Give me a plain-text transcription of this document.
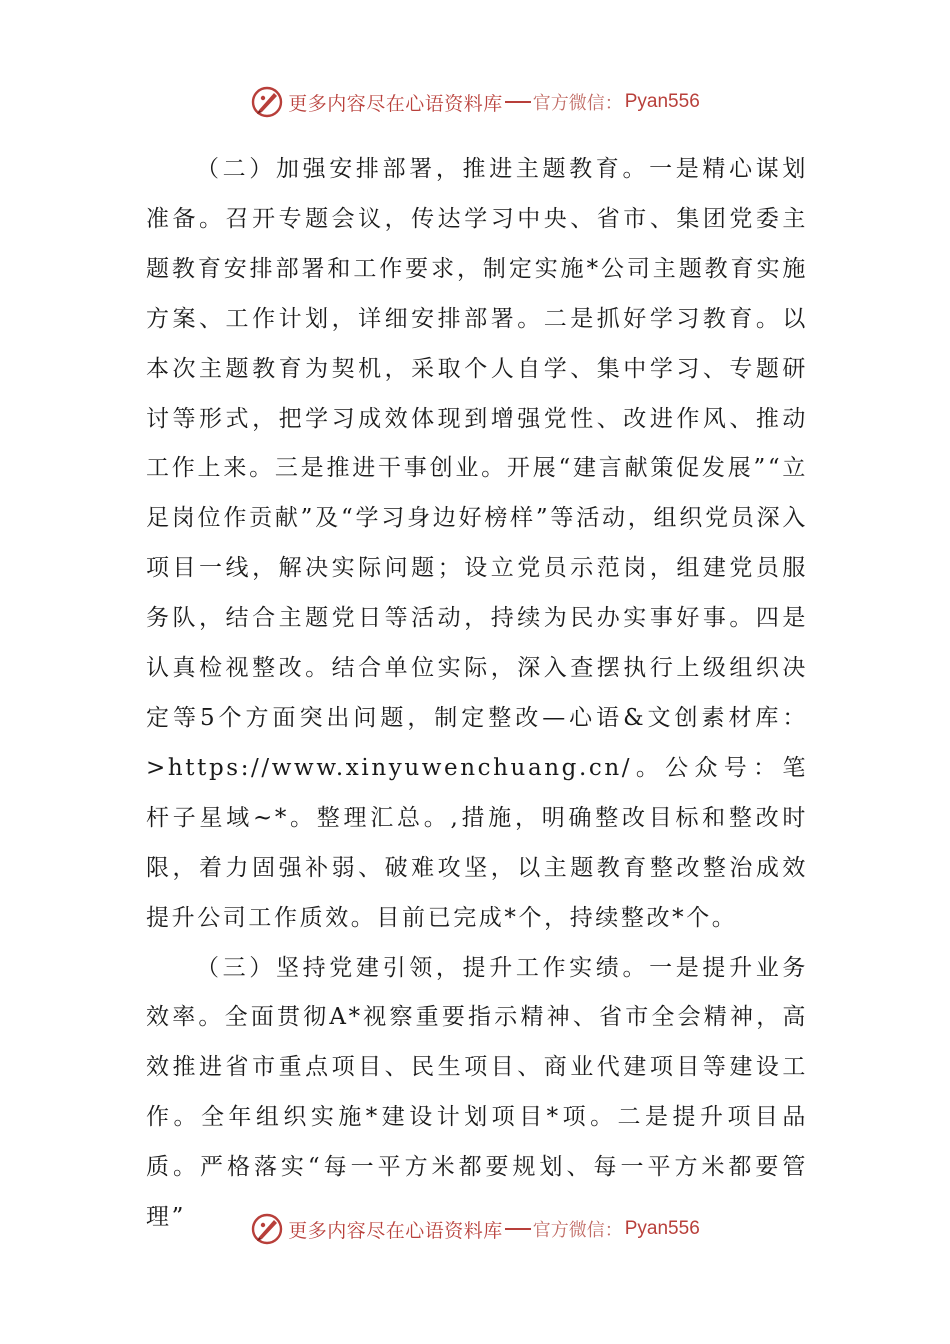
更多内容尽在心语资料库 官方微信： Pyan556

（二）加强安排部署，推进主题教育。一是精心谋划准备。召开专题会议，传达学习中央、省市、集团党委主题教育安排部署和工作要求，制定实施*公司主题教育实施方案、工作计划，详细安排部署。二是抓好学习教育。以本次主题教育为契机，采取个人自学、集中学习、专题研讨等形式，把学习成效体现到增强党性、改进作风、推动工作上来。三是推进干事创业。开展“建言献策促发展”“立足岗位作贡献”及“学习身边好榜样”等活动，组织党员深入项目一线，解决实际问题；设立党员示范岗，组建党员服务队，结合主题党日等活动，持续为民办实事好事。四是认真检视整改。结合单位实际，深入查摆执行上级组织决定等5个方面突出问题，制定整改—心语&文创素材库：>https://www.xinyuwenchuang.cn/。公众号：笔杆子星域~*。整理汇总。,措施，明确整改目标和整改时限，着力固强补弱、破难攻坚，以主题教育整改整治成效提升公司工作质效。目前已完成*个，持续整改*个。

（三）坚持党建引领，提升工作实绩。一是提升业务效率。全面贯彻A*视察重要指示精神、省市全会精神，高效推进省市重点项目、民生项目、商业代建项目等建设工作。全年组织实施*建设计划项目*项。二是提升项目品质。严格落实“每一平方米都要规划、每一平方米都要管理”

更多内容尽在心语资料库 官方微信： Pyan556
